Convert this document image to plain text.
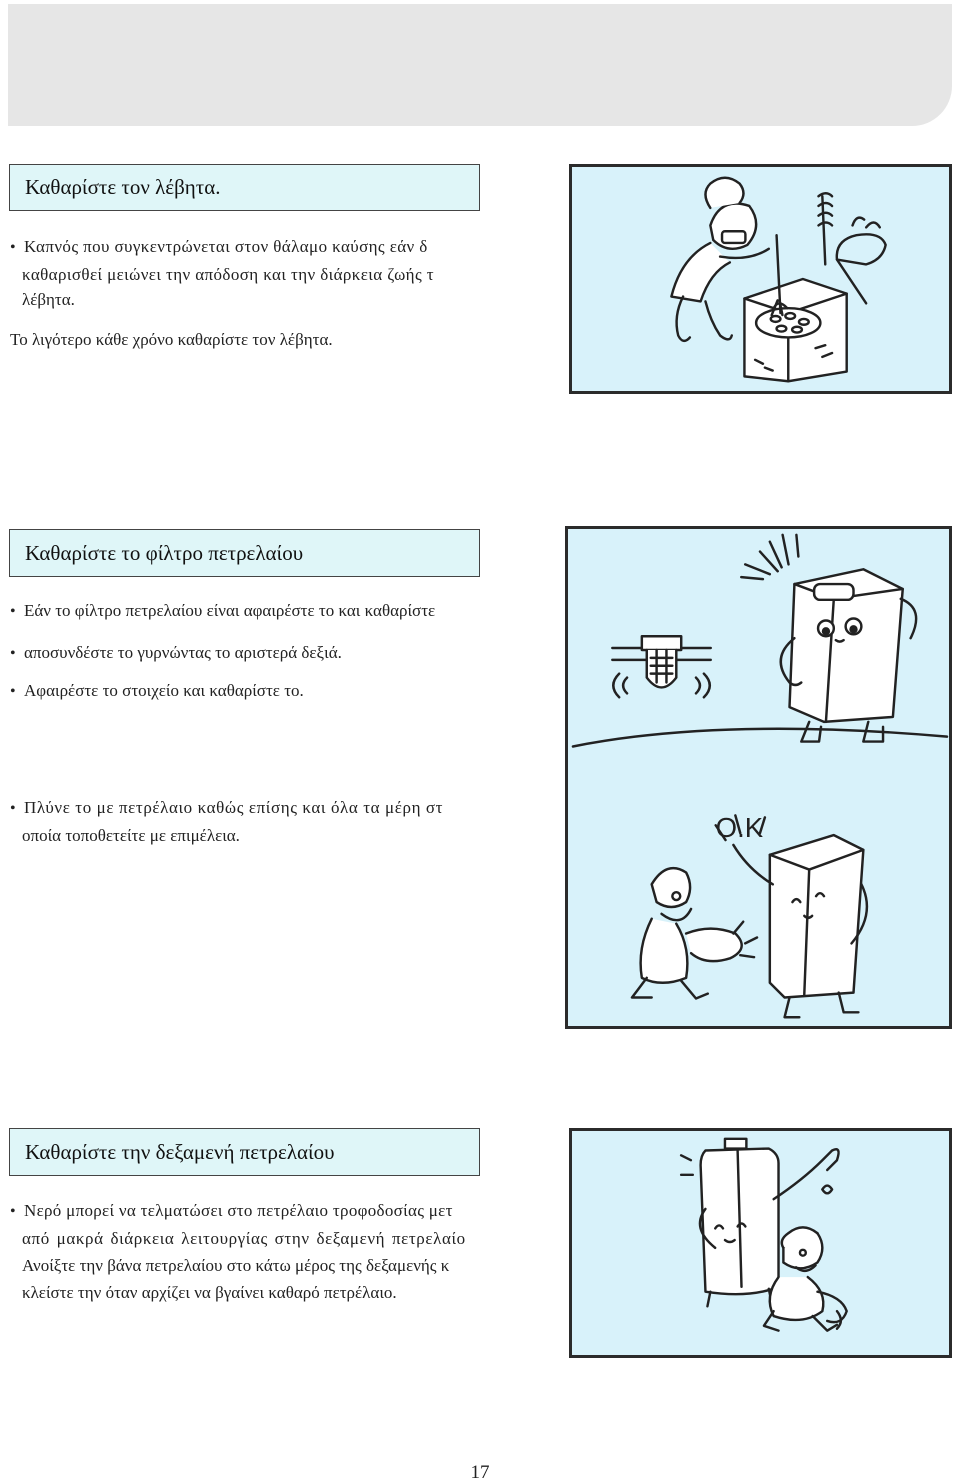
Καθαρίστε τον λέβητα.
• Καπνός που συγκεντρώνεται στον θάλαμο καύσης εάν δ
καθαρισθεί μειώνει την απόδοση και την διάρκεια ζωής τ
λέβητα.
Το λιγότερο κάθε χρόνο καθαρίστε τον λέβητα.
Καθαρίστε το φίλτρο πετρελαίου
• Εάν το φίλτρο πετρελαίου είναι αφαιρέστε το και καθαρίστε
• αποσυνδέστε το γυρνώντας το αριστερά δεξιά.
• Αφαιρέστε το στοιχείο και καθαρίστε το.
• Πλύνε το με πετρέλαιο καθώς επίσης και όλα τα μέρη στ
οποία τοποθετείτε με επιμέλεια.	O.K
Καθαρίστε την δεξαμενή πετρελαίου
• Νερό μπορεί να τελματώσει στο πετρέλαιο τροφοδοσίας μετ
από μακρά διάρκεια λειτουργίας στην δεξαμενή πετρελαίο
Ανοίξτε την βάνα πετρελαίου στο κάτω μέρος της δεξαμενής κ
κλείστε την όταν αρχίζει να βγαίνει καθαρό πετρέλαιο.
17
